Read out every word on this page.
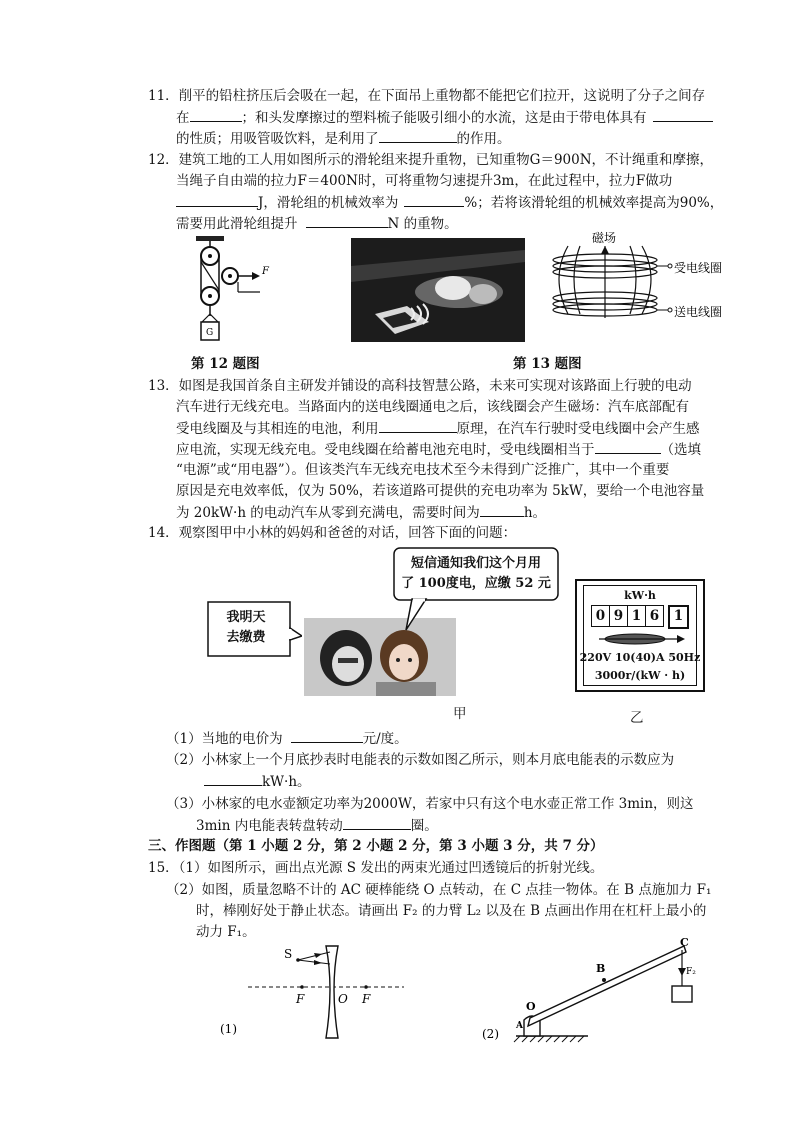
11．削平的铅柱挤压后会吸在一起，在下面吊上重物都不能把它们拉开，这说明了分子之间存
在	；和头发摩擦过的塑料梳子能吸引细小的水流，这是由于带电体具有
的性质；用吸管吸饮料，是利用了	的作用。
12．建筑工地的工人用如图所示的滑轮组来提升重物，已知重物G＝900N，不计绳重和摩擦，
当绳子自由端的拉力F＝400N时，可将重物匀速提升3m，在此过程中，拉力F做功
J，滑轮组的机械效率为	%；若将该滑轮组的机械效率提高为90%，
需要用此滑轮组提升	N 的重物。
F
G
第 12 题图
磁场
受电线圈
送电线圈
第 13 题图
13．如图是我国首条自主研发并铺设的高科技智慧公路，未来可实现对该路面上行驶的电动
汽车进行无线充电。当路面内的送电线圈通电之后，该线圈会产生磁场：汽车底部配有
受电线圈及与其相连的电池，利用	原理，在汽车行驶时受电线圈中会产生感
应电流，实现无线充电。受电线圈在给蓄电池充电时，受电线圈相当于	（选填
“电源”或“用电器”）。但该类汽车无线充电技术至今未得到广泛推广，其中一个重要
原因是充电效率低，仅为 50%，若该道路可提供的充电功率为 5kW，要给一个电池容量
为 20kW·h 的电动汽车从零到充满电，需要时间为	h。
14．观察图甲中小林的妈妈和爸爸的对话，回答下面的问题：
我明天
去缴费
短信通知我们这个月用
了 100度电，应缴 52 元
甲
kW·h
0 9 1 6	1
220V 10(40)A 50Hz
3000r/(kW · h)
乙
（1）当地的电价为	元/度。
（2）小林家上一个月底抄表时电能表的示数如图乙所示，则本月底电能表的示数应为
kW·h。
（3）小林家的电水壶额定功率为2000W，若家中只有这个电水壶正常工作 3min，则这
3min 内电能表转盘转动	圈。
三、作图题（第 1 小题 2 分，第 2 小题 2 分，第 3 小题 3 分，共 7 分）
15．（1）如图所示，画出点光源 S 发出的两束光通过凹透镜后的折射光线。
（2）如图，质量忽略不计的 AC 硬棒能绕 O 点转动，在 C 点挂一物体。在 B 点施加力 F₁
时，棒刚好处于静止状态。请画出 F₂ 的力臂 L₂ 以及在 B 点画出作用在杠杆上最小的
动力 F₁。
S
F	O F
(1)	(2)
O
A
B
C
F₂
